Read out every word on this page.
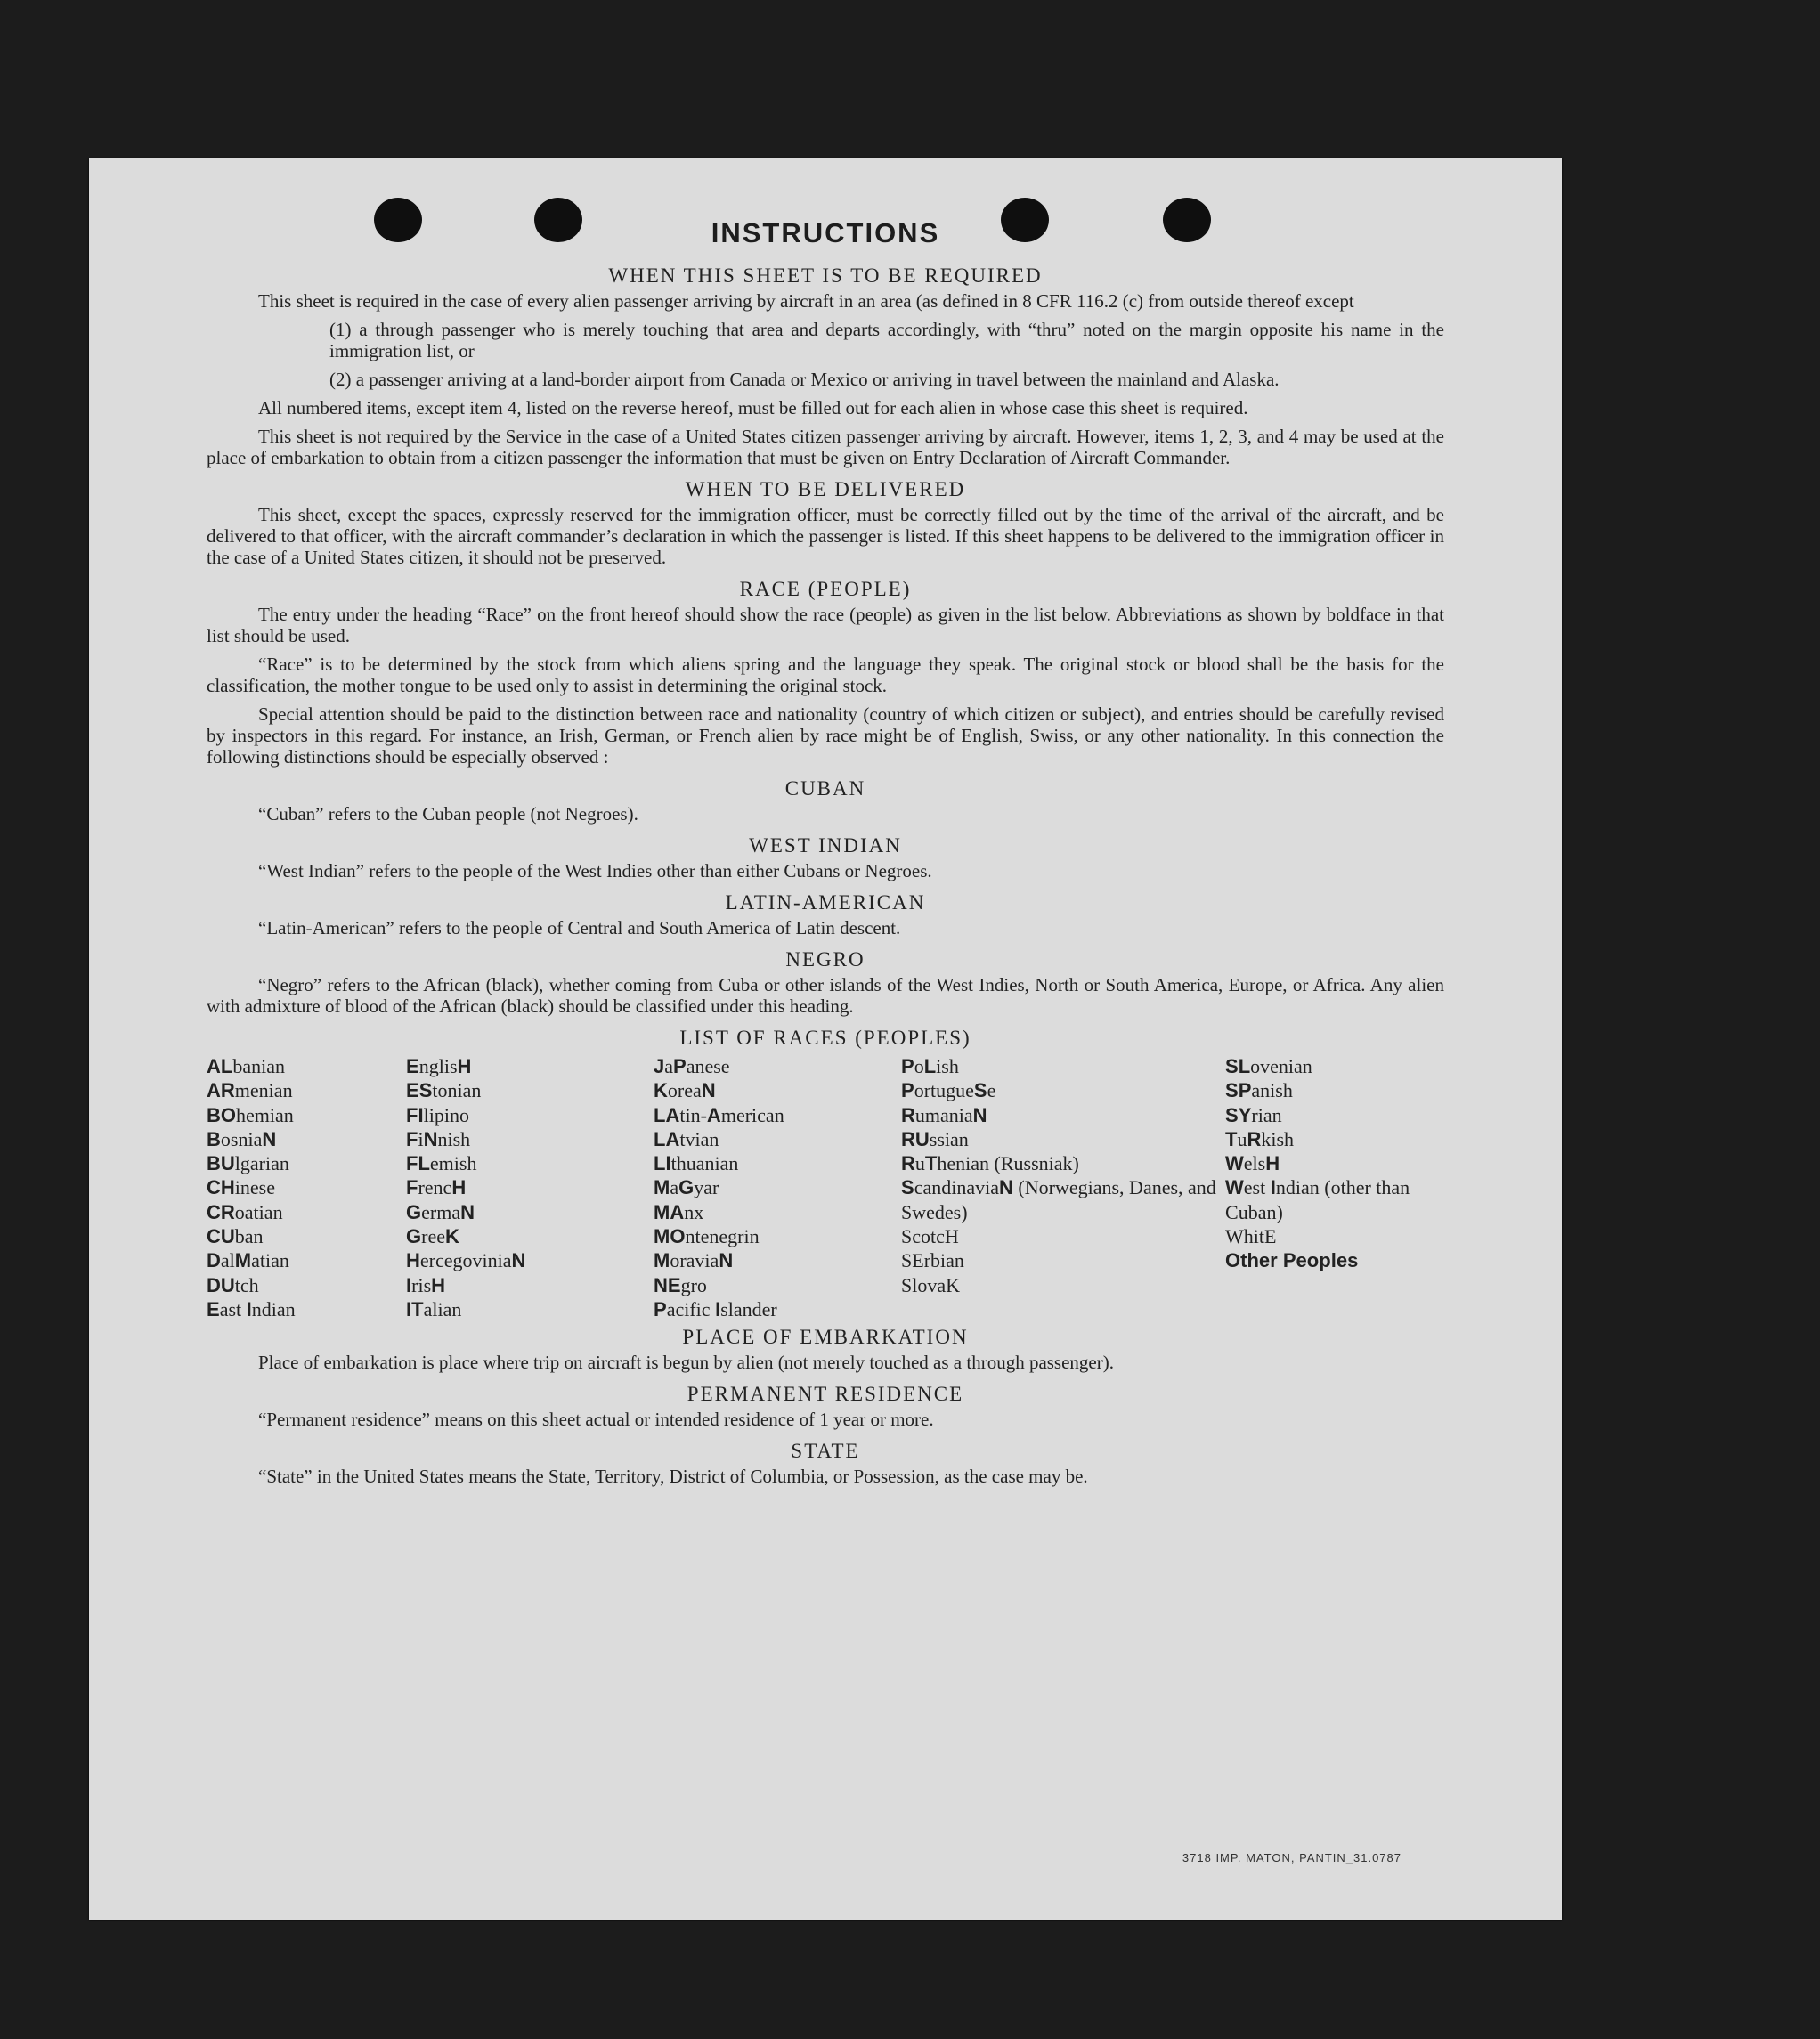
INSTRUCTIONS
WHEN THIS SHEET IS TO BE REQUIRED

This sheet is required in the case of every alien passenger arriving by aircraft in an area (as defined in 8 CFR 116.2 (c) from outside thereof except

(1) a through passenger who is merely touching that area and departs accordingly, with “thru” noted on the margin opposite his name in the immigration list, or

(2) a passenger arriving at a land-border airport from Canada or Mexico or arriving in travel between the mainland and Alaska.

All numbered items, except item 4, listed on the reverse hereof, must be filled out for each alien in whose case this sheet is required.

This sheet is not required by the Service in the case of a United States citizen passenger arriving by aircraft. However, items 1, 2, 3, and 4 may be used at the place of embarkation to obtain from a citizen passenger the information that must be given on Entry Declaration of Aircraft Commander.

WHEN TO BE DELIVERED

This sheet, except the spaces, expressly reserved for the immigration officer, must be correctly filled out by the time of the arrival of the aircraft, and be delivered to that officer, with the aircraft commander’s declaration in which the passenger is listed. If this sheet happens to be delivered to the immigration officer in the case of a United States citizen, it should not be preserved.

RACE (PEOPLE)

The entry under the heading “Race” on the front hereof should show the race (people) as given in the list below. Abbreviations as shown by boldface in that list should be used.

“Race” is to be determined by the stock from which aliens spring and the language they speak. The original stock or blood shall be the basis for the classification, the mother tongue to be used only to assist in determining the original stock.

Special attention should be paid to the distinction between race and nationality (country of which citizen or subject), and entries should be carefully revised by inspectors in this regard. For instance, an Irish, German, or French alien by race might be of English, Swiss, or any other nationality. In this connection the following distinctions should be especially observed :

CUBAN

“Cuban” refers to the Cuban people (not Negroes).

WEST INDIAN

“West Indian” refers to the people of the West Indies other than either Cubans or Negroes.

LATIN-AMERICAN

“Latin-American” refers to the people of Central and South America of Latin descent.

NEGRO

“Negro” refers to the African (black), whether coming from Cuba or other islands of the West Indies, North or South America, Europe, or Africa. Any alien with admixture of blood of the African (black) should be classified under this heading.

LIST OF RACES (PEOPLES)
ALbanian
ARmenian
BOhemian
BosniaN
BUlgarian
CHinese
CRoatian
CUban
DalMatian
DUtch
East Indian
EnglisH
EStonian
FIlipino
FiNnish
FLemish
FrencH
GermaN
GreeK
HercegoviniaN
IrisH
ITalian
JaPanese
KoreaN
LAtin-American
LAtvian
LIthuanian
MaGyar
MAnx
MOntenegrin
MoraviaN
NEgro
Pacific Islander
PoLish
PortugueSe
RumaniaN
RUssian
RuThenian (Russniak)
ScandinaviaN (Norwegians, Danes, and Swedes)
ScotcH
SErbian
SlovaK
SLovenian
SPanish
SYrian
TuRkish
WelsH
West Indian (other than Cuban)
WhitE
Other Peoples
PLACE OF EMBARKATION

Place of embarkation is place where trip on aircraft is begun by alien (not merely touched as a through passenger).

PERMANENT RESIDENCE

“Permanent residence” means on this sheet actual or intended residence of 1 year or more.

STATE

“State” in the United States means the State, Territory, District of Columbia, or Possession, as the case may be.

3718 IMP. MATON, PANTIN_31.0787
